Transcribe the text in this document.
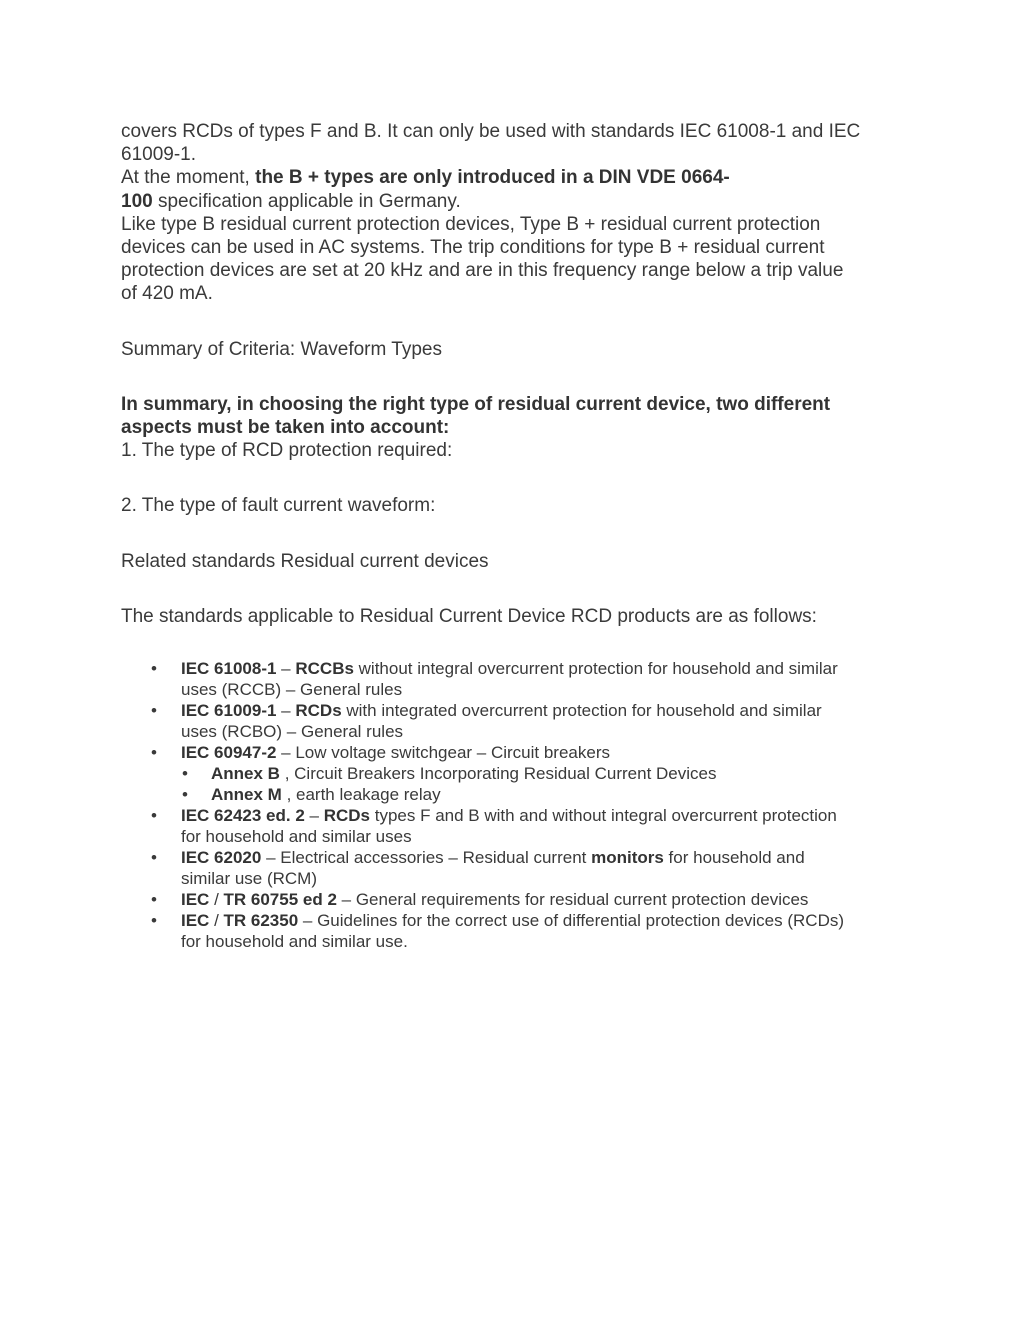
covers RCDs of types F and B. It can only be used with standards IEC 61008-1 and IEC

61009-1.

At the moment, the B + types are only introduced in a DIN VDE 0664-

100 specification applicable in Germany.

Like type B residual current protection devices, Type B + residual current protection

devices can be used in AC systems. The trip conditions for type B + residual current

protection devices are set at 20 kHz and are in this frequency range below a trip value

of 420 mA.

Summary of Criteria: Waveform Types

In summary, in choosing the right type of residual current device, two different

aspects must be taken into account:

1. The type of RCD protection required:

2. The type of fault current waveform:

Related standards Residual current devices

The standards applicable to Residual Current Device RCD products are as follows:

• IEC 61008-1 – RCCBs without integral overcurrent protection for household and similar
uses (RCCB) – General rules
• IEC 61009-1 – RCDs with integrated overcurrent protection for household and similar
uses (RCBO) – General rules
• IEC 60947-2 – Low voltage switchgear – Circuit breakers
• Annex B , Circuit Breakers Incorporating Residual Current Devices
• Annex M , earth leakage relay
• IEC 62423 ed. 2 – RCDs types F and B with and without integral overcurrent protection
for household and similar uses
• IEC 62020 – Electrical accessories – Residual current monitors for household and
similar use (RCM)
• IEC / TR 60755 ed 2 – General requirements for residual current protection devices
• IEC / TR 62350 – Guidelines for the correct use of differential protection devices (RCDs)
for household and similar use.
